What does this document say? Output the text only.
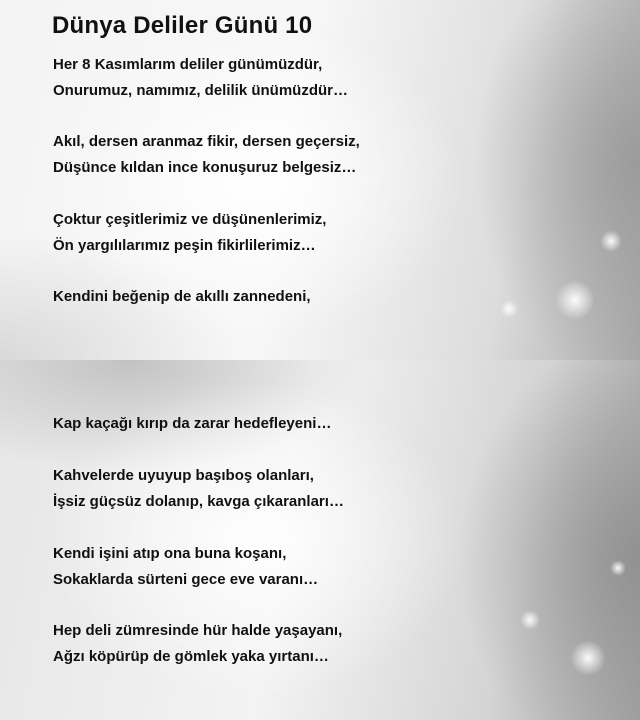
Dünya Deliler Günü 10
Her 8 Kasımlarım deliler günümüzdür,
Onurumuz, namımız, delilik ünümüzdür…
Akıl, dersen aranmaz fikir, dersen geçersiz,
Düşünce kıldan ince konuşuruz belgesiz…
Çoktur çeşitlerimiz ve düşünenlerimiz,
Ön yargılılarımız peşin fikirlilerimiz…
Kendini beğenip de akıllı zannedeni,
Kap kaçağı kırıp da zarar hedefleyeni…
Kahvelerde uyuyup başıboş olanları,
İşsiz güçsüz dolanıp, kavga çıkaranları…
Kendi işini atıp ona buna koşanı,
Sokaklarda sürteni gece eve varanı…
Hep deli zümresinde hür halde yaşayanı,
Ağzı köpürüp de gömlek yaka yırtanı…
